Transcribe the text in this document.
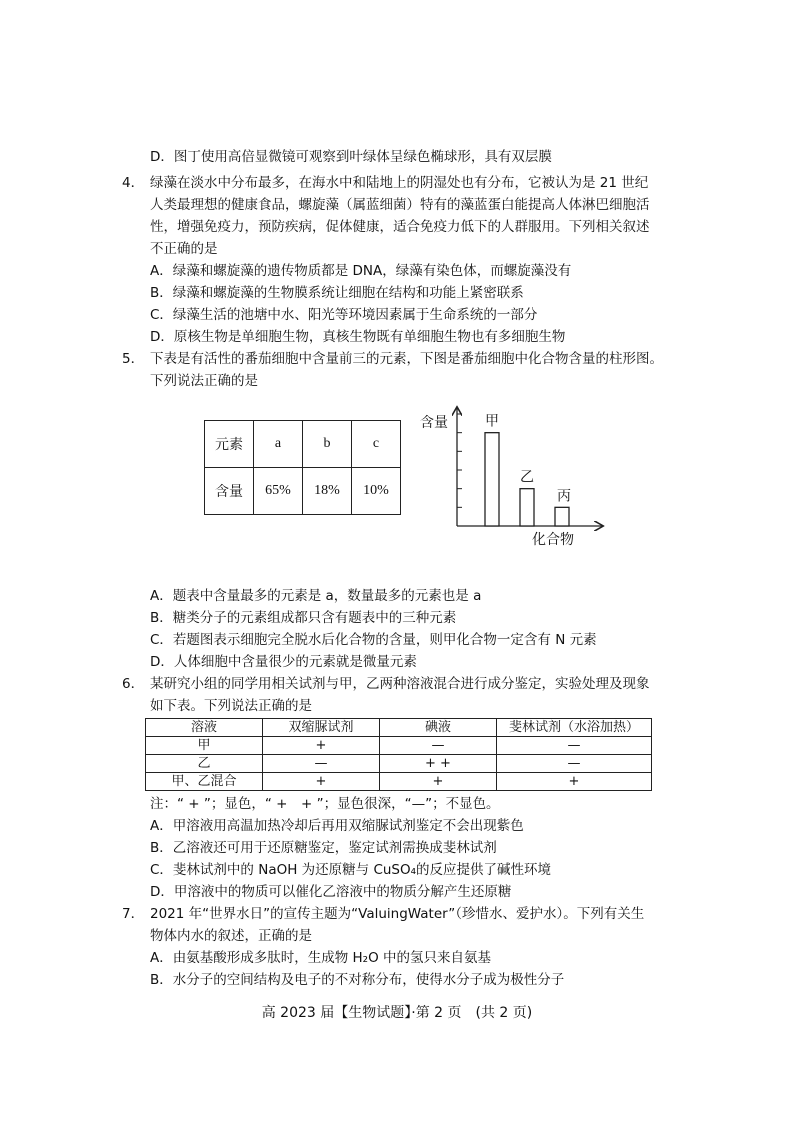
D．图丁使用高倍显微镜可观察到叶绿体呈绿色椭球形，具有双层膜
4． 绿藻在淡水中分布最多，在海水中和陆地上的阴湿处也有分布，它被认为是 21 世纪
人类最理想的健康食品，螺旋藻（属蓝细菌）特有的藻蓝蛋白能提高人体淋巴细胞活
性，增强免疫力，预防疾病，促体健康，适合免疫力低下的人群服用。下列相关叙述
不正确的是
A．绿藻和螺旋藻的遗传物质都是 DNA，绿藻有染色体，而螺旋藻没有
B．绿藻和螺旋藻的生物膜系统让细胞在结构和功能上紧密联系
C．绿藻生活的池塘中水、阳光等环境因素属于生命系统的一部分
D．原核生物是单细胞生物，真核生物既有单细胞生物也有多细胞生物
5． 下表是有活性的番茄细胞中含量前三的元素，下图是番茄细胞中化合物含量的柱形图。
下列说法正确的是
元素	a	b	c
含量	65%	18%	10%
甲
乙
丙
含量
化合物
A．题表中含量最多的元素是 a，数量最多的元素也是 a
B．糖类分子的元素组成都只含有题表中的三种元素
C．若题图表示细胞完全脱水后化合物的含量，则甲化合物一定含有 N 元素
D．人体细胞中含量很少的元素就是微量元素
6． 某研究小组的同学用相关试剂与甲，乙两种溶液混合进行成分鉴定，实验处理及现象
如下表。下列说法正确的是
溶液	双缩脲试剂	碘液	斐林试剂（水浴加热）
甲	+	—	—
乙	—	+ +	—
甲、乙混合	+	+	+
注：“ + ”；显色，“ +　+ ”；显色很深，“—”；不显色。
A．甲溶液用高温加热冷却后再用双缩脲试剂鉴定不会出现紫色
B．乙溶液还可用于还原糖鉴定，鉴定试剂需换成斐林试剂
C．斐林试剂中的 NaOH 为还原糖与 CuSO₄的反应提供了碱性环境
D．甲溶液中的物质可以催化乙溶液中的物质分解产生还原糖
7． 2021 年“世界水日”的宣传主题为“ValuingWater”（珍惜水、爱护水）。下列有关生
物体内水的叙述，正确的是
A．由氨基酸形成多肽时，生成物 H₂O 中的氢只来自氨基
B．水分子的空间结构及电子的不对称分布，使得水分子成为极性分子
高 2023 届【生物试题】·第 2 页　(共 2 页)
